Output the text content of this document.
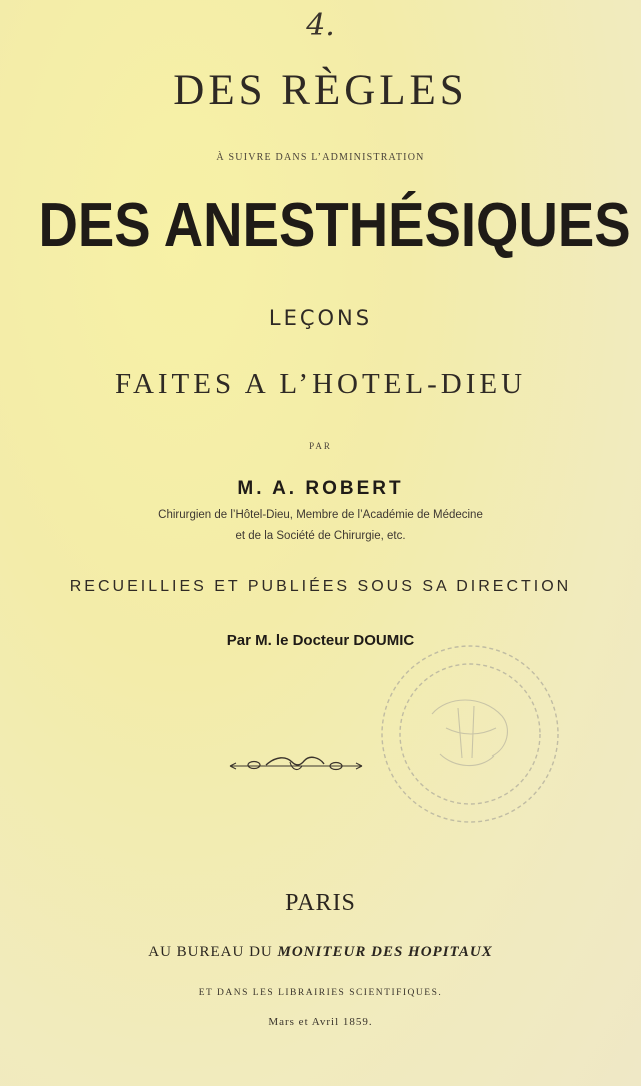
4.
DES RÈGLES
À SUIVRE DANS L’ADMINISTRATION
DES ANESTHÉSIQUES
LEÇONS
FAITES A L’HOTEL-DIEU
PAR
M. A. ROBERT
Chirurgien de l’Hôtel-Dieu, Membre de l’Académie de Médecine
et de la Société de Chirurgie, etc.
RECUEILLIES ET PUBLIÉES SOUS SA DIRECTION
Par M. le Docteur DOUMIC
PARIS
AU BUREAU DU MONITEUR DES HOPITAUX
ET DANS LES LIBRAIRIES SCIENTIFIQUES.
Mars et Avril 1859.
